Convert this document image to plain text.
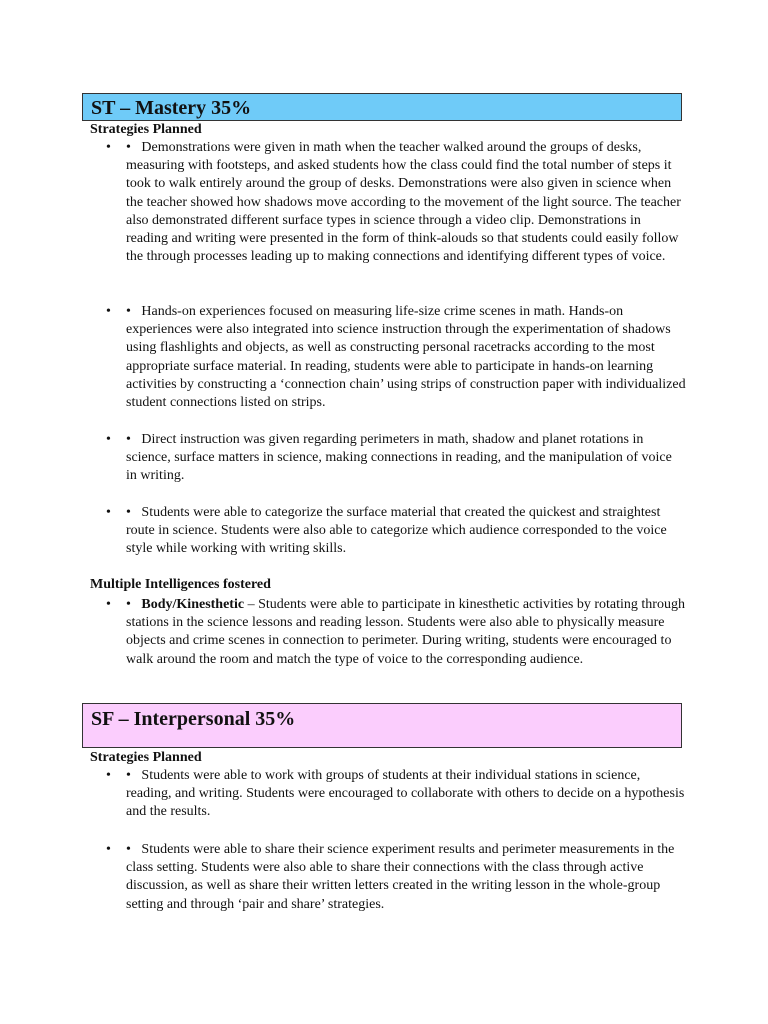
ST – Mastery 35%
Strategies Planned
•	•   Demonstrations were given in math when the teacher walked around the groups of desks, measuring with footsteps, and asked students how the class could find the total number of steps it took to walk entirely around the group of desks. Demonstrations were also given in science when the teacher showed how shadows move according to the movement of the light source. The teacher also demonstrated different surface types in science through a video clip. Demonstrations in reading and writing were presented in the form of think-alouds so that students could easily follow the through processes leading up to making connections and identifying different types of voice.
•	•   Hands-on experiences focused on measuring life-size crime scenes in math. Hands-on experiences were also integrated into science instruction through the experimentation of shadows using flashlights and objects, as well as constructing personal racetracks according to the most appropriate surface material. In reading, students were able to participate in hands-on learning activities by constructing a ‘connection chain’ using strips of construction paper with individualized student connections listed on strips.
•	•   Direct instruction was given regarding perimeters in math, shadow and planet rotations in science, surface matters in science, making connections in reading, and the manipulation of voice in writing.
•	•   Students were able to categorize the surface material that created the quickest and straightest route in science. Students were also able to categorize which audience corresponded to the voice style while working with writing skills.
Multiple Intelligences fostered
•	•   Body/Kinesthetic – Students were able to participate in kinesthetic activities by rotating through stations in the science lessons and reading lesson. Students were also able to physically measure objects and crime scenes in connection to perimeter. During writing, students were encouraged to walk around the room and match the type of voice to the corresponding audience.
SF – Interpersonal 35%
Strategies Planned
•	•   Students were able to work with groups of students at their individual stations in science, reading, and writing. Students were encouraged to collaborate with others to decide on a hypothesis and the results.
•	•   Students were able to share their science experiment results and perimeter measurements in the class setting. Students were also able to share their connections with the class through active discussion, as well as share their written letters created in the writing lesson in the whole-group setting and through ‘pair and share’ strategies.
